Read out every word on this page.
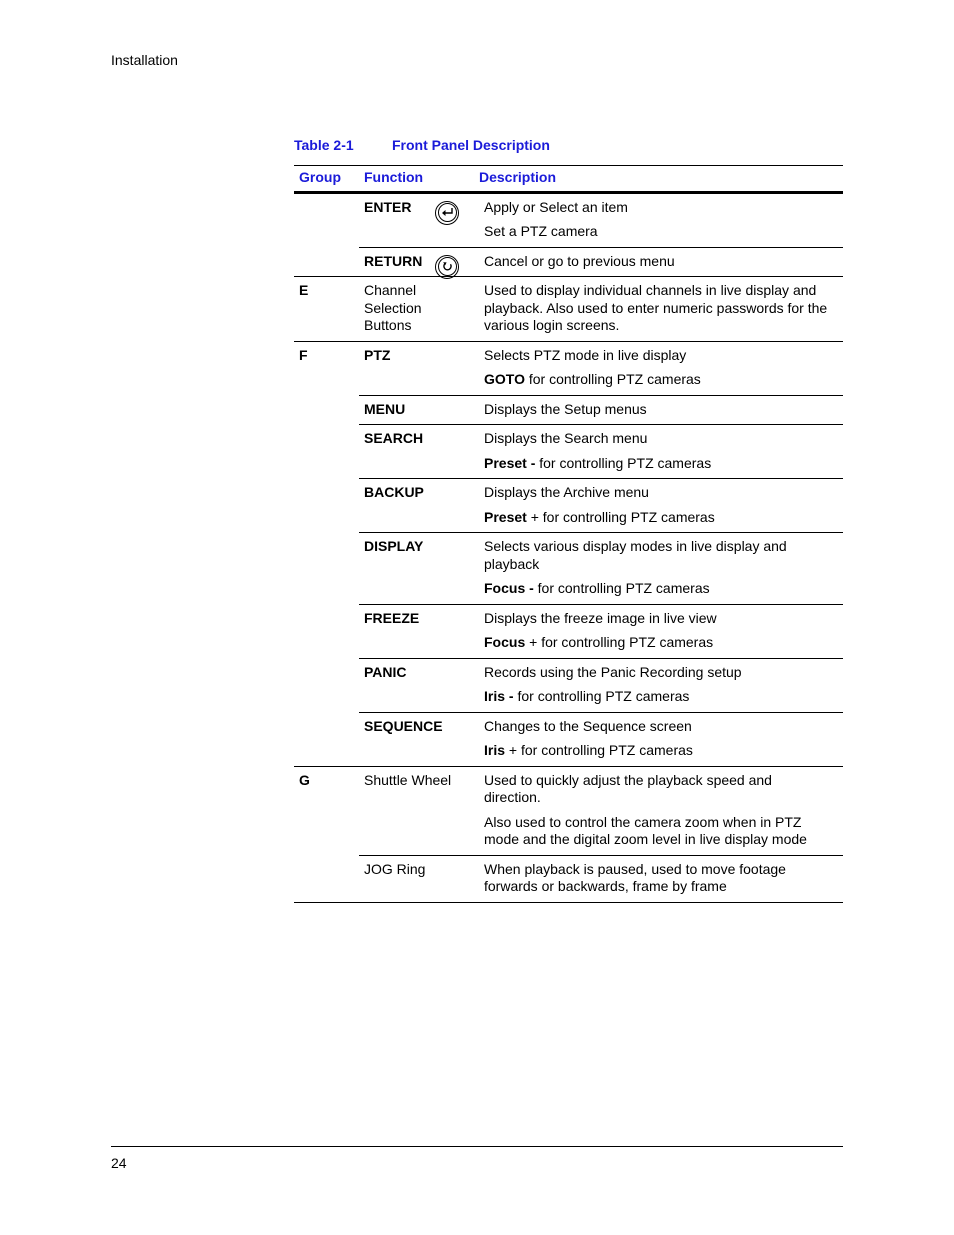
Installation
Table 2-1	Front Panel Description
Group	Function	Description
	ENTER	Apply or Select an item
Set a PTZ camera

	RETURN	Cancel or go to previous menu

E	Channel
Selection
Buttons	Used to display individual channels in live display and playback. Also used to enter numeric passwords for the various login screens.

F	PTZ	Selects PTZ mode in live display
GOTO for controlling PTZ cameras

	MENU	Displays the Setup menus

	SEARCH	Displays the Search menu
Preset - for controlling PTZ cameras

	BACKUP	Displays the Archive menu
Preset + for controlling PTZ cameras

	DISPLAY	Selects various display modes in live display and playback
Focus - for controlling PTZ cameras

	FREEZE	Displays the freeze image in live view
Focus + for controlling PTZ cameras

	PANIC	Records using the Panic Recording setup
Iris - for controlling PTZ cameras

	SEQUENCE	Changes to the Sequence screen
Iris + for controlling PTZ cameras

G	Shuttle Wheel	Used to quickly adjust the playback speed and direction.
Also used to control the camera zoom when in PTZ mode and the digital zoom level in live display mode

	JOG Ring	When playback is paused, used to move footage forwards or backwards, frame by frame
24
